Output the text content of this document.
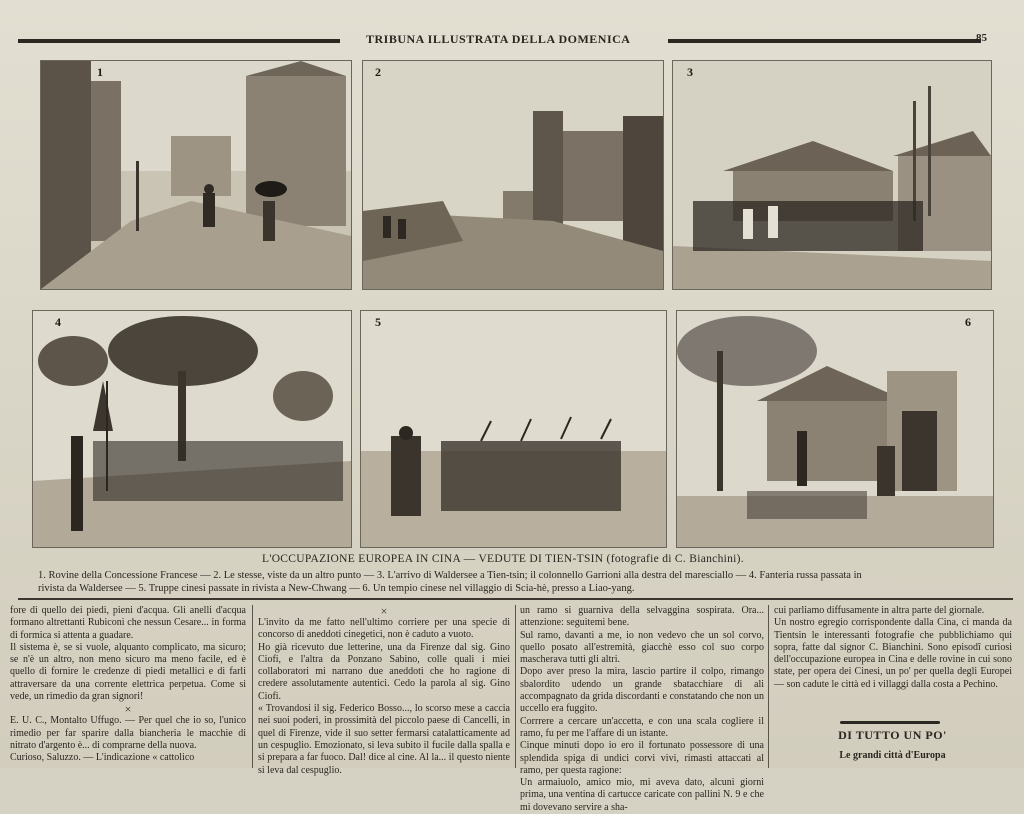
TRIBUNA ILLUSTRATA DELLA DOMENICA	85
1	2	3
4	5	6
L'OCCUPAZIONE EUROPEA IN CINA — VEDUTE DI TIEN-TSIN (fotografie di C. Bianchini).
1. Rovine della Concessione Francese — 2. Le stesse, viste da un altro punto — 3. L'arrivo di Waldersee a Tien-tsin; il colonnello Garrioni alla destra del maresciallo — 4. Fanteria russa passata in
rivista da Waldersee — 5. Truppe cinesi passate in rivista a New-Chwang — 6. Un tempio cinese nel villaggio di Scia-hè, presso a Liao-yang.

fore di quello dei piedi, pieni d'acqua. Gli anelli d'acqua formano altrettanti Rubiconi che nessun Cesare... in forma di formica si attenta a guadare.

Il sistema è, se si vuole, alquanto complicato, ma sicuro; se n'è un altro, non meno sicuro ma meno facile, ed è quello di fornire le credenze di piedi metallici e di farli attraversare da una corrente elettrica perpetua. Come si vede, un rimedio da gran signori!

×

E. U. C., Montalto Uffugo. — Per quel che io so, l'unico rimedio per far sparire dalla biancheria le macchie di nitrato d'argento è... di comprarne della nuova.

Curioso, Saluzzo. — L'indicazione « cattolico

×

L'invito da me fatto nell'ultimo corriere per una specie di concorso di aneddoti cinegetici, non è caduto a vuoto.

Ho già ricevuto due letterine, una da Firenze dal sig. Gino Ciofi, e l'altra da Ponzano Sabino, colle quali i miei collaboratori mi narrano due aneddoti che ho ragione di credere assolutamente autentici. Cedo la parola al sig. Gino Ciofi.

« Trovandosi il sig. Federico Bosso..., lo scorso mese a caccia nei suoi poderi, in prossimità del piccolo paese di Cancelli, in quel di Firenze, vide il suo setter fermarsi catalatticamente ad un cespuglio. Emozionato, si leva subito il fucile dalla spalla e si prepara a far fuoco. Dal! dice al cine. Al la... il questo niente si leva dal cespuglio.

un ramo si guarniva della selvaggina sospirata. Ora... attenzione: seguitemi bene.

Sul ramo, davanti a me, io non vedevo che un sol corvo, quello posato all'estremità, giacchè esso col suo corpo mascherava tutti gli altri.

Dopo aver preso la mira, lascio partire il colpo, rimango sbalordito udendo un grande sbatacchiare di ali accompagnato da grida discordanti e constatando che non un uccello era fuggito.

Corrrere a cercare un'accetta, e con una scala cogliere il ramo, fu per me l'affare di un istante.

Cinque minuti dopo io ero il fortunato possessore di una splendida spiga di undici corvi vivi, rimasti attaccati al ramo, per questa ragione:

Un armaiuolo, amico mio, mi aveva dato, alcuni giorni prima, una ventina di cartucce caricate con pallini N. 9 e che mi dovevano servire a sha-

cui parliamo diffusamente in altra parte del giornale.

Un nostro egregio corrispondente dalla Cina, ci manda da Tientsin le interessanti fotografie che pubblichiamo qui sopra, fatte dal signor C. Bianchini. Sono episodî curiosi dell'occupazione europea in Cina e delle rovine in cui sono state, per opera dei Cinesi, un po' per quella degli Europei — son cadute le città ed i villaggi dalla costa a Pechino.

DI TUTTO UN PO'
Le grandi città d'Europa
